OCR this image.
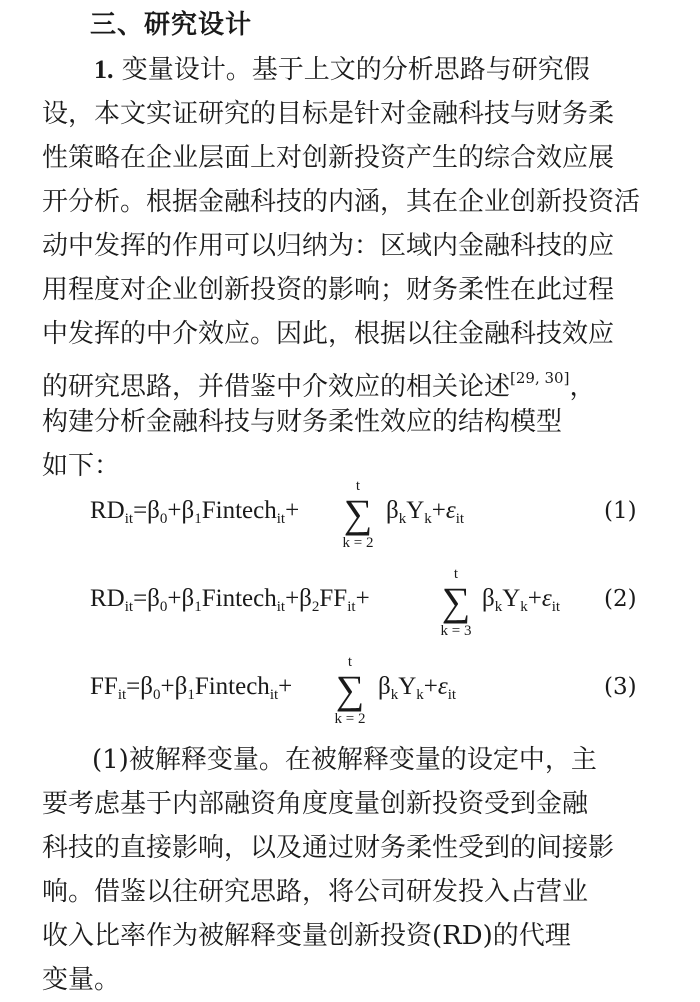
三、研究设计
1. 变量设计。基于上文的分析思路与研究假
设，本文实证研究的目标是针对金融科技与财务柔
性策略在企业层面上对创新投资产生的综合效应展
开分析。根据金融科技的内涵，其在企业创新投资活
动中发挥的作用可以归纳为：区域内金融科技的应
用程度对企业创新投资的影响；财务柔性在此过程
中发挥的中介效应。因此，根据以往金融科技效应
的研究思路，并借鉴中介效应的相关论述[29, 30]，
构建分析金融科技与财务柔性效应的结构模型
如下：
$RD_{it}=\beta_0+\beta_1Fintech_{it}+$
t
∑
k = 2
$\beta_kY_k+\varepsilon_{it}$	(1)
$RD_{it}=\beta_0+\beta_1Fintech_{it}+\beta_2FF_{it}+$
t
∑
k = 3
$\beta_kY_k+\varepsilon_{it}$ (2)
$FF_{it}=\beta_0+\beta_1Fintech_{it}+$
t
∑
k = 2
$\beta_kY_k+\varepsilon_{it}$	(3)
(1)被解释变量。在被解释变量的设定中，主
要考虑基于内部融资角度度量创新投资受到金融
科技的直接影响，以及通过财务柔性受到的间接影
响。借鉴以往研究思路，将公司研发投入占营业
收入比率作为被解释变量创新投资(RD)的代理
变量。
